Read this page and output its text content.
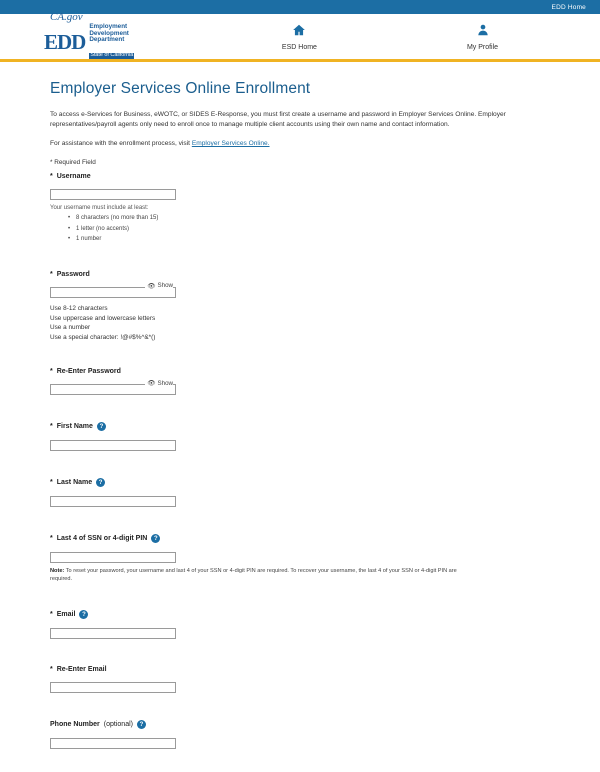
EDD Home
CA.gov
EDD
Employment
Development
Department
State of California
ESD Home	My Profile
Employer Services Online Enrollment

To access e-Services for Business, eWOTC, or SIDES E-Response, you must first create a username and password in Employer Services Online. Employer representatives/payroll agents only need to enroll once to manage multiple client accounts using their own name and contact information.

For assistance with the enrollment process, visit Employer Services Online.

* Required Field
* Username
Your username must include at least:
• 8 characters (no more than 15)
• 1 letter (no accents)
• 1 number
* Password
👁 Show
Use 8-12 characters
Use uppercase and lowercase letters
Use a number
Use a special character: !@#$%^&*()
* Re-Enter Password
👁 Show
* First Name	?
* Last Name	?
* Last 4 of SSN or 4-digit PIN	?
Note: To reset your password, your username and last 4 of your SSN or 4-digit PIN are required. To recover your username, the last 4 of your SSN or 4-digit PIN are required.
* Email	?
* Re-Enter Email
Phone Number (optional)	?
